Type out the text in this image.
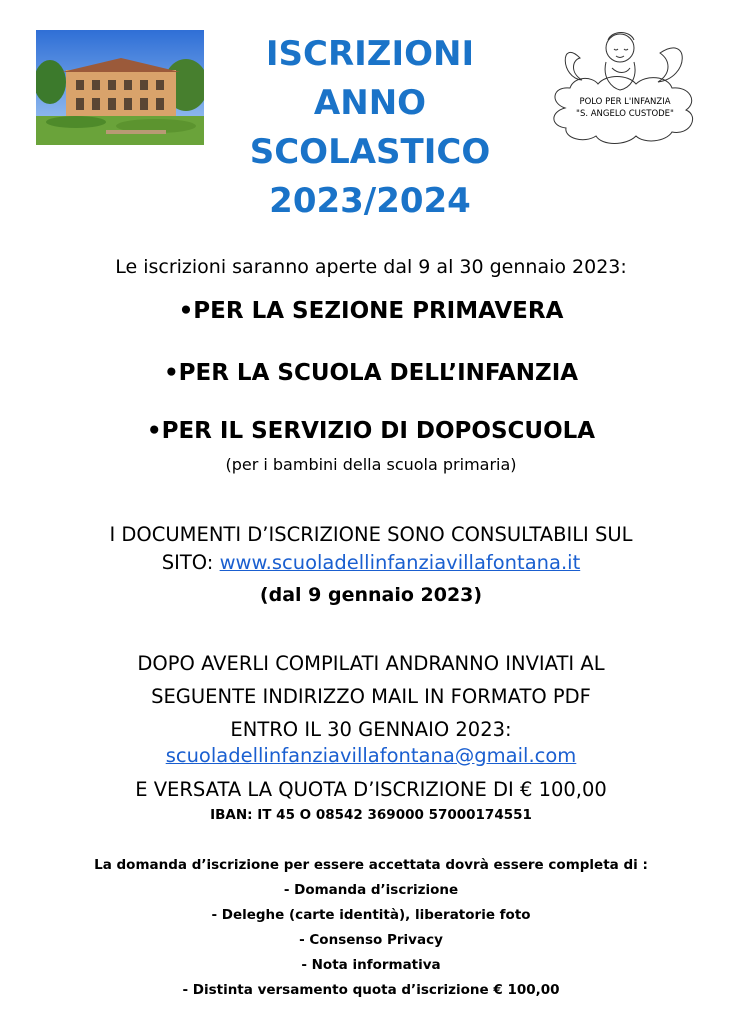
ISCRIZIONI
ANNO
SCOLASTICO
2023/2024
POLO PER L'INFANZIA
"S. ANGELO CUSTODE"
Le iscrizioni saranno aperte dal 9 al 30 gennaio 2023:
•PER LA SEZIONE PRIMAVERA
•PER LA SCUOLA DELL’INFANZIA
•PER IL SERVIZIO DI DOPOSCUOLA
(per i bambini della scuola primaria)
I DOCUMENTI D’ISCRIZIONE SONO CONSULTABILI SUL
SITO: www.scuoladellinfanziavillafontana.it
(dal 9 gennaio 2023)
DOPO AVERLI COMPILATI ANDRANNO INVIATI AL
SEGUENTE INDIRIZZO MAIL IN FORMATO PDF
ENTRO IL 30 GENNAIO 2023:
scuoladellinfanziavillafontana@gmail.com
E VERSATA LA QUOTA D’ISCRIZIONE DI € 100,00
IBAN: IT 45 O 08542 369000 57000174551
La domanda d’iscrizione per essere accettata dovrà essere completa di :
- Domanda d’iscrizione
- Deleghe (carte identità), liberatorie foto
- Consenso Privacy
- Nota informativa
- Distinta versamento quota d’iscrizione € 100,00
